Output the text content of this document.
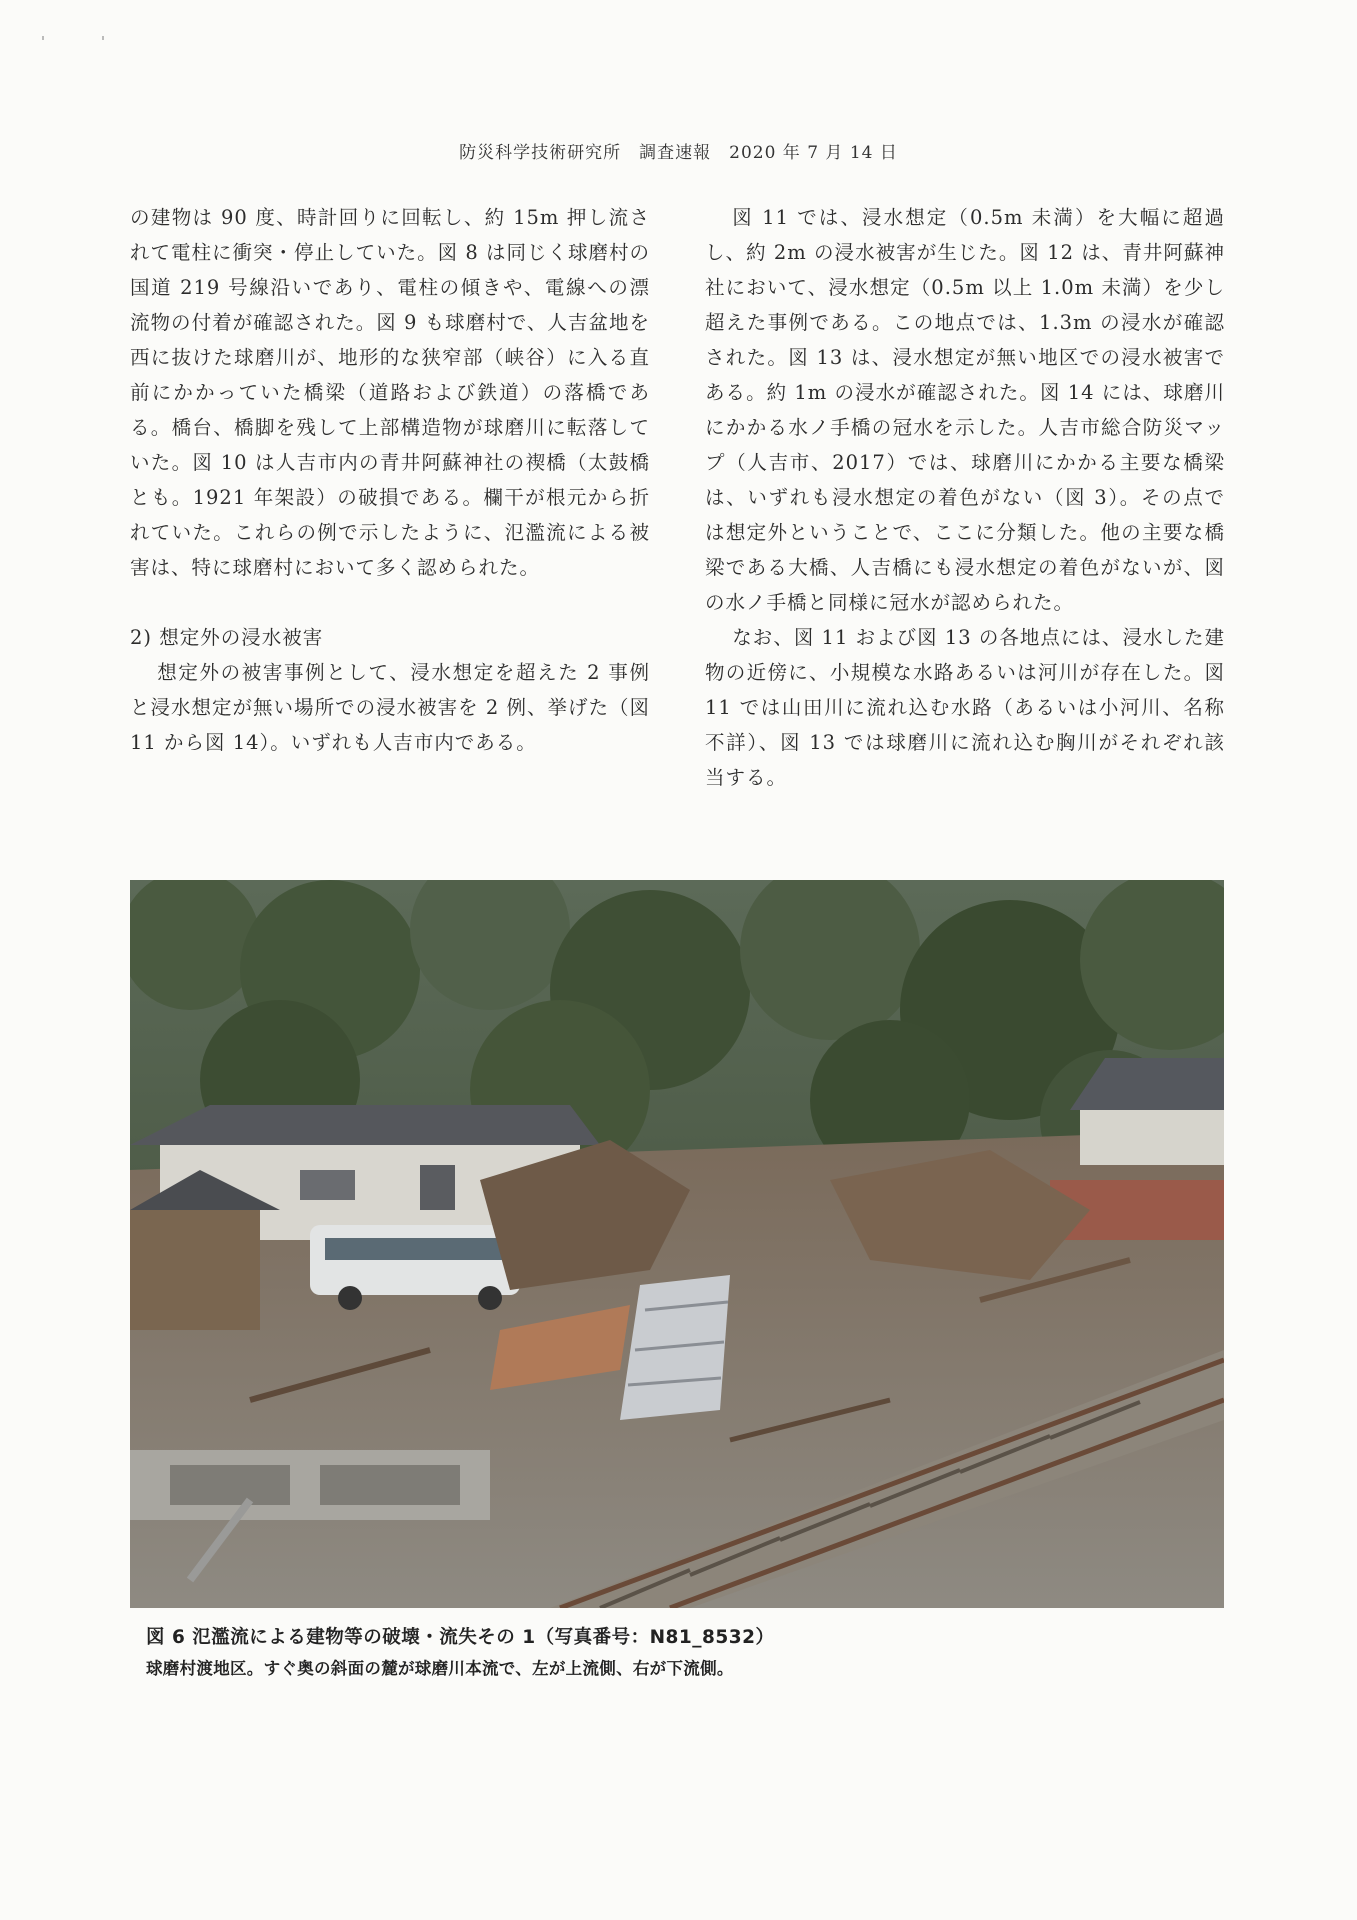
防災科学技術研究所　調査速報　2020 年 7 月 14 日

の建物は 90 度、時計回りに回転し、約 15m 押し流されて電柱に衝突・停止していた。図 8 は同じく球磨村の国道 219 号線沿いであり、電柱の傾きや、電線への漂流物の付着が確認された。図 9 も球磨村で、人吉盆地を西に抜けた球磨川が、地形的な狭窄部（峡谷）に入る直前にかかっていた橋梁（道路および鉄道）の落橋である。橋台、橋脚を残して上部構造物が球磨川に転落していた。図 10 は人吉市内の青井阿蘇神社の禊橋（太鼓橋とも。1921 年架設）の破損である。欄干が根元から折れていた。これらの例で示したように、氾濫流による被害は、特に球磨村において多く認められた。

2) 想定外の浸水被害

想定外の被害事例として、浸水想定を超えた 2 事例と浸水想定が無い場所での浸水被害を 2 例、挙げた（図 11 から図 14）。いずれも人吉市内である。

図 11 では、浸水想定（0.5m 未満）を大幅に超過し、約 2m の浸水被害が生じた。図 12 は、青井阿蘇神社において、浸水想定（0.5m 以上 1.0m 未満）を少し超えた事例である。この地点では、1.3m の浸水が確認された。図 13 は、浸水想定が無い地区での浸水被害である。約 1m の浸水が確認された。図 14 には、球磨川にかかる水ノ手橋の冠水を示した。人吉市総合防災マップ（人吉市、2017）では、球磨川にかかる主要な橋梁は、いずれも浸水想定の着色がない（図 3）。その点では想定外ということで、ここに分類した。他の主要な橋梁である大橋、人吉橋にも浸水想定の着色がないが、図の水ノ手橋と同様に冠水が認められた。

なお、図 11 および図 13 の各地点には、浸水した建物の近傍に、小規模な水路あるいは河川が存在した。図 11 では山田川に流れ込む水路（あるいは小河川、名称不詳）、図 13 では球磨川に流れ込む胸川がそれぞれ該当する。

図 6 氾濫流による建物等の破壊・流失その 1（写真番号：N81_8532）
球磨村渡地区。すぐ奥の斜面の麓が球磨川本流で、左が上流側、右が下流側。
